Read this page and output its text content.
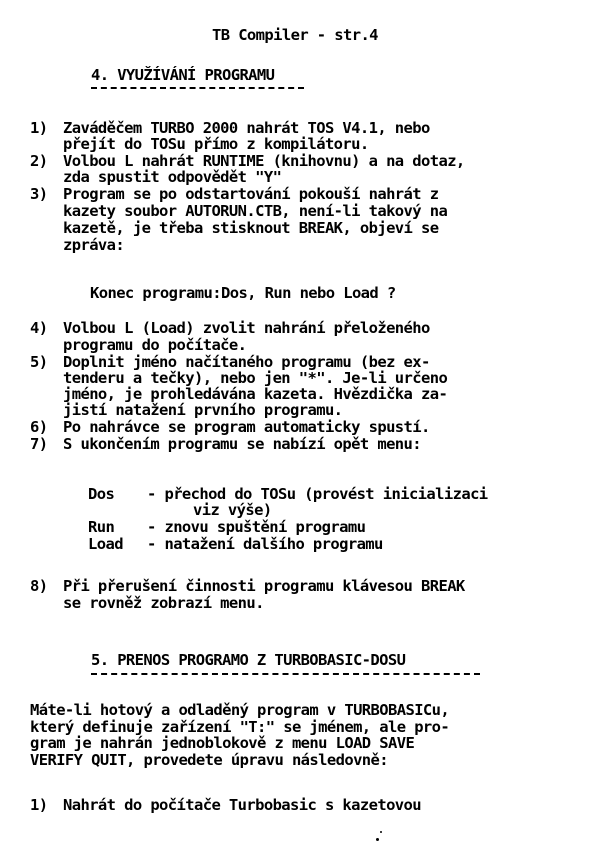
TB Compiler - str.4
4. VYUŽÍVÁNÍ PROGRAMU
1) Zaváděčem TURBO 2000 nahrát TOS V4.1, nebo
přejít do TOSu přímo z kompilátoru.
2) Volbou L nahrát RUNTIME (knihovnu) a na dotaz,
zda spustit odpovědět "Y"
3) Program se po odstartování pokouší nahrát z
kazety soubor AUTORUN.CTB, není-li takový na
kazetě, je třeba stisknout BREAK, objeví se
zpráva:
Konec programu:Dos, Run nebo Load ?
4) Volbou L (Load) zvolit nahrání přeloženého
programu do počítače.
5) Doplnit jméno načítaného programu (bez ex-
tenderu a tečky), nebo jen "*". Je-li určeno
jméno, je prohledávána kazeta. Hvězdička za-
jistí natažení prvního programu.
6) Po nahrávce se program automaticky spustí.
7) S ukončením programu se nabízí opět menu:
Dos - přechod do TOSu (provést inicializaci
viz výše)
Run - znovu spuštění programu
Load - natažení dalšího programu
8) Při přerušení činnosti programu klávesou BREAK
se rovněž zobrazí menu.
5. PRENOS PROGRAMO Z TURBOBASIC-DOSU
Máte-li hotový a odladěný program v TURBOBASICu,
který definuje zařízení "T:" se jménem, ale pro-
gram je nahrán jednoblokově z menu LOAD SAVE
VERIFY QUIT, provedete úpravu následovně:
1) Nahrát do počítače Turbobasic s kazetovou
